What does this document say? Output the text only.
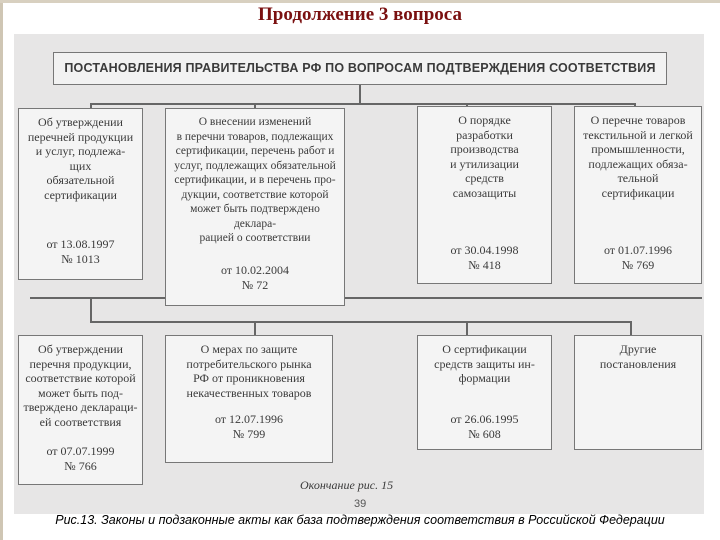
Продолжение 3 вопроса
ПОСТАНОВЛЕНИЯ ПРАВИТЕЛЬСТВА РФ ПО ВОПРОСАМ ПОДТВЕРЖДЕНИЯ СООТВЕТСТВИЯ
Об утверждении
перечней продукции
и услуг, подлежа-
щих
обязательной
сертификации
от 13.08.1997
№ 1013
О внесении изменений
в перечни товаров, подлежащих
сертификации, перечень работ и
услуг, подлежащих обязательной
сертификации, и в перечень про-
дукции, соответствие которой
может быть подтверждено деклара-
рацией о соответствии
от 10.02.2004
№ 72
О порядке
разработки
производства
и утилизации
средств
самозащиты
от 30.04.1998
№ 418
О перечне товаров
текстильной и легкой
промышленности,
подлежащих обяза-
тельной
сертификации
от 01.07.1996
№ 769
Об утверждении
перечня продукции,
соответствие которой
может быть под-
тверждено деклараци-
ей соответствия
от 07.07.1999
№ 766
О мерах по защите
потребительского рынка
РФ от проникновения
некачественных товаров
от 12.07.1996
№ 799
О сертификации
средств защиты ин-
формации
от 26.06.1995
№ 608
Другие
постановления
Окончание рис. 15
39
Рис.13. Законы и подзаконные акты как база подтверждения соответствия в Российской Федерации
